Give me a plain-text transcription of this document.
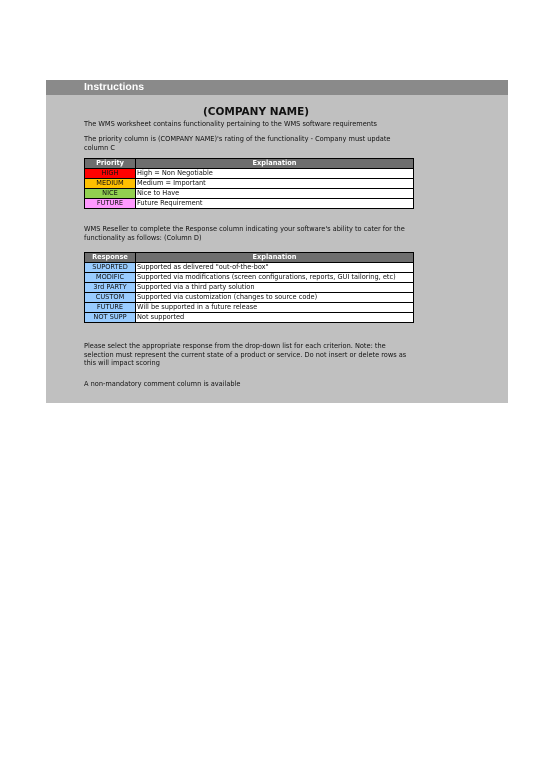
Instructions
(COMPANY NAME)
The WMS worksheet contains functionality pertaining to the WMS software requirements
The priority column is (COMPANY NAME)'s rating of the functionality - Company must update column C
Priority	Explanation
HIGH	High = Non Negotiable
MEDIUM	Medium = Important
NICE	Nice to Have
FUTURE	Future Requirement
WMS Reseller to complete the Response column indicating your software's ability to cater for the functionality as follows: (Column D)
Response	Explanation
SUPORTED	Supported as delivered "out-of-the-box"
MODIFIC	Supported via modifications (screen configurations, reports, GUI tailoring, etc)
3rd PARTY	Supported via a third party solution
CUSTOM	Supported via customization (changes to source code)
FUTURE	Will be supported in a future release
NOT SUPP	Not supported
Please select the appropriate response from the drop-down list for each criterion. Note: the selection must represent the current state of a product or service. Do not insert or delete rows as this will impact scoring
A non-mandatory comment column is available
